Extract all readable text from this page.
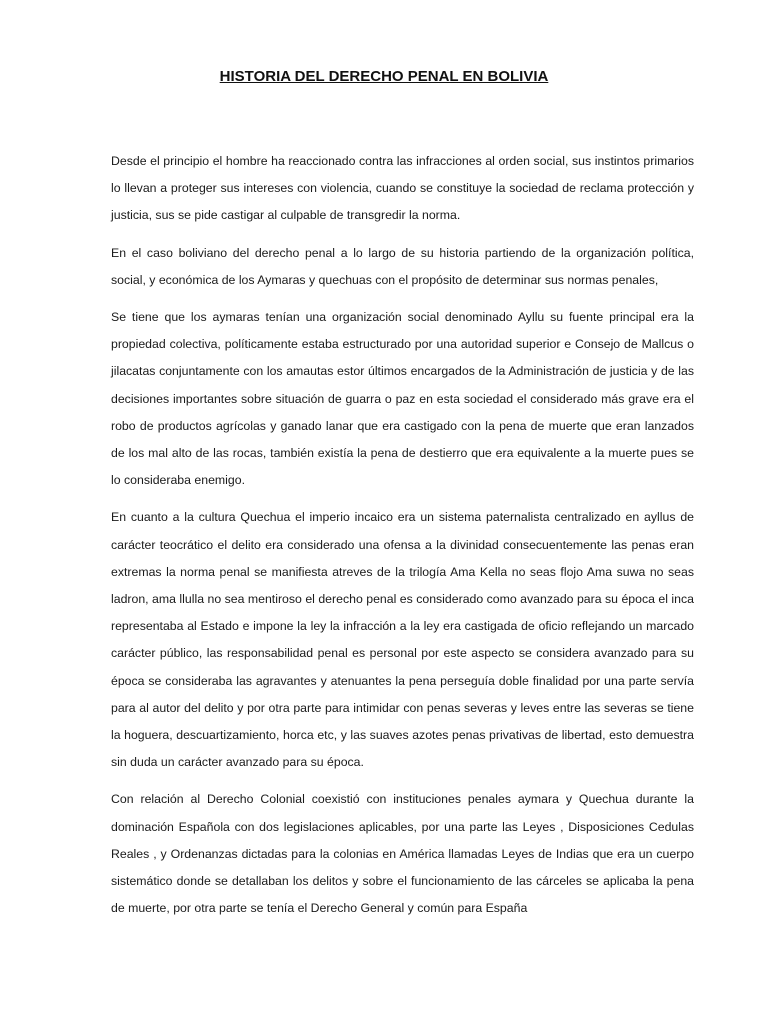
HISTORIA DEL DERECHO PENAL EN BOLIVIA

Desde el principio el hombre ha reaccionado contra las infracciones al orden social, sus instintos primarios lo llevan a proteger sus intereses con violencia, cuando se constituye la sociedad de reclama protección y justicia, sus se pide castigar al culpable de transgredir la norma.

En el caso boliviano del derecho penal a lo largo de su historia partiendo de la organización política, social, y económica de los Aymaras y quechuas con el propósito de determinar sus normas penales,

Se tiene que los aymaras tenían una organización social denominado Ayllu su fuente principal era la propiedad colectiva, políticamente estaba estructurado por una autoridad superior e Consejo de Mallcus o jilacatas conjuntamente con los amautas estor últimos encargados de la Administración de justicia y de las decisiones importantes sobre situación de guarra o paz en esta sociedad el considerado más grave era el robo de productos agrícolas y ganado lanar que era castigado con la pena de muerte que eran lanzados de los mal alto de las rocas, también existía la pena de destierro que era equivalente a la muerte pues se lo consideraba enemigo.

En cuanto a la cultura Quechua el imperio incaico era un sistema paternalista centralizado en ayllus de carácter teocrático el delito era considerado una ofensa a la divinidad consecuentemente las penas eran extremas la norma penal se manifiesta atreves de la trilogía Ama Kella no seas flojo Ama suwa no seas ladron, ama llulla no sea mentiroso el derecho penal es considerado como avanzado para su época el inca representaba al Estado e impone la ley la infracción a la ley era castigada de oficio reflejando un marcado carácter público, las responsabilidad penal es personal por este aspecto se considera avanzado para su época se consideraba las agravantes y atenuantes la pena perseguía doble finalidad por una parte servía para al autor del delito y por otra parte para intimidar con penas severas y leves entre las severas se tiene la hoguera, descuartizamiento, horca etc, y las suaves azotes penas privativas de libertad, esto demuestra sin duda un carácter avanzado para su época.

Con relación al Derecho Colonial coexistió con instituciones penales aymara y Quechua durante la dominación Española con dos legislaciones aplicables, por una parte las Leyes , Disposiciones Cedulas Reales , y Ordenanzas dictadas para la colonias en América llamadas Leyes de Indias que era un cuerpo sistemático donde se detallaban los delitos y sobre el funcionamiento de las cárceles se aplicaba la pena de muerte, por otra parte se tenía el Derecho General y común para España
